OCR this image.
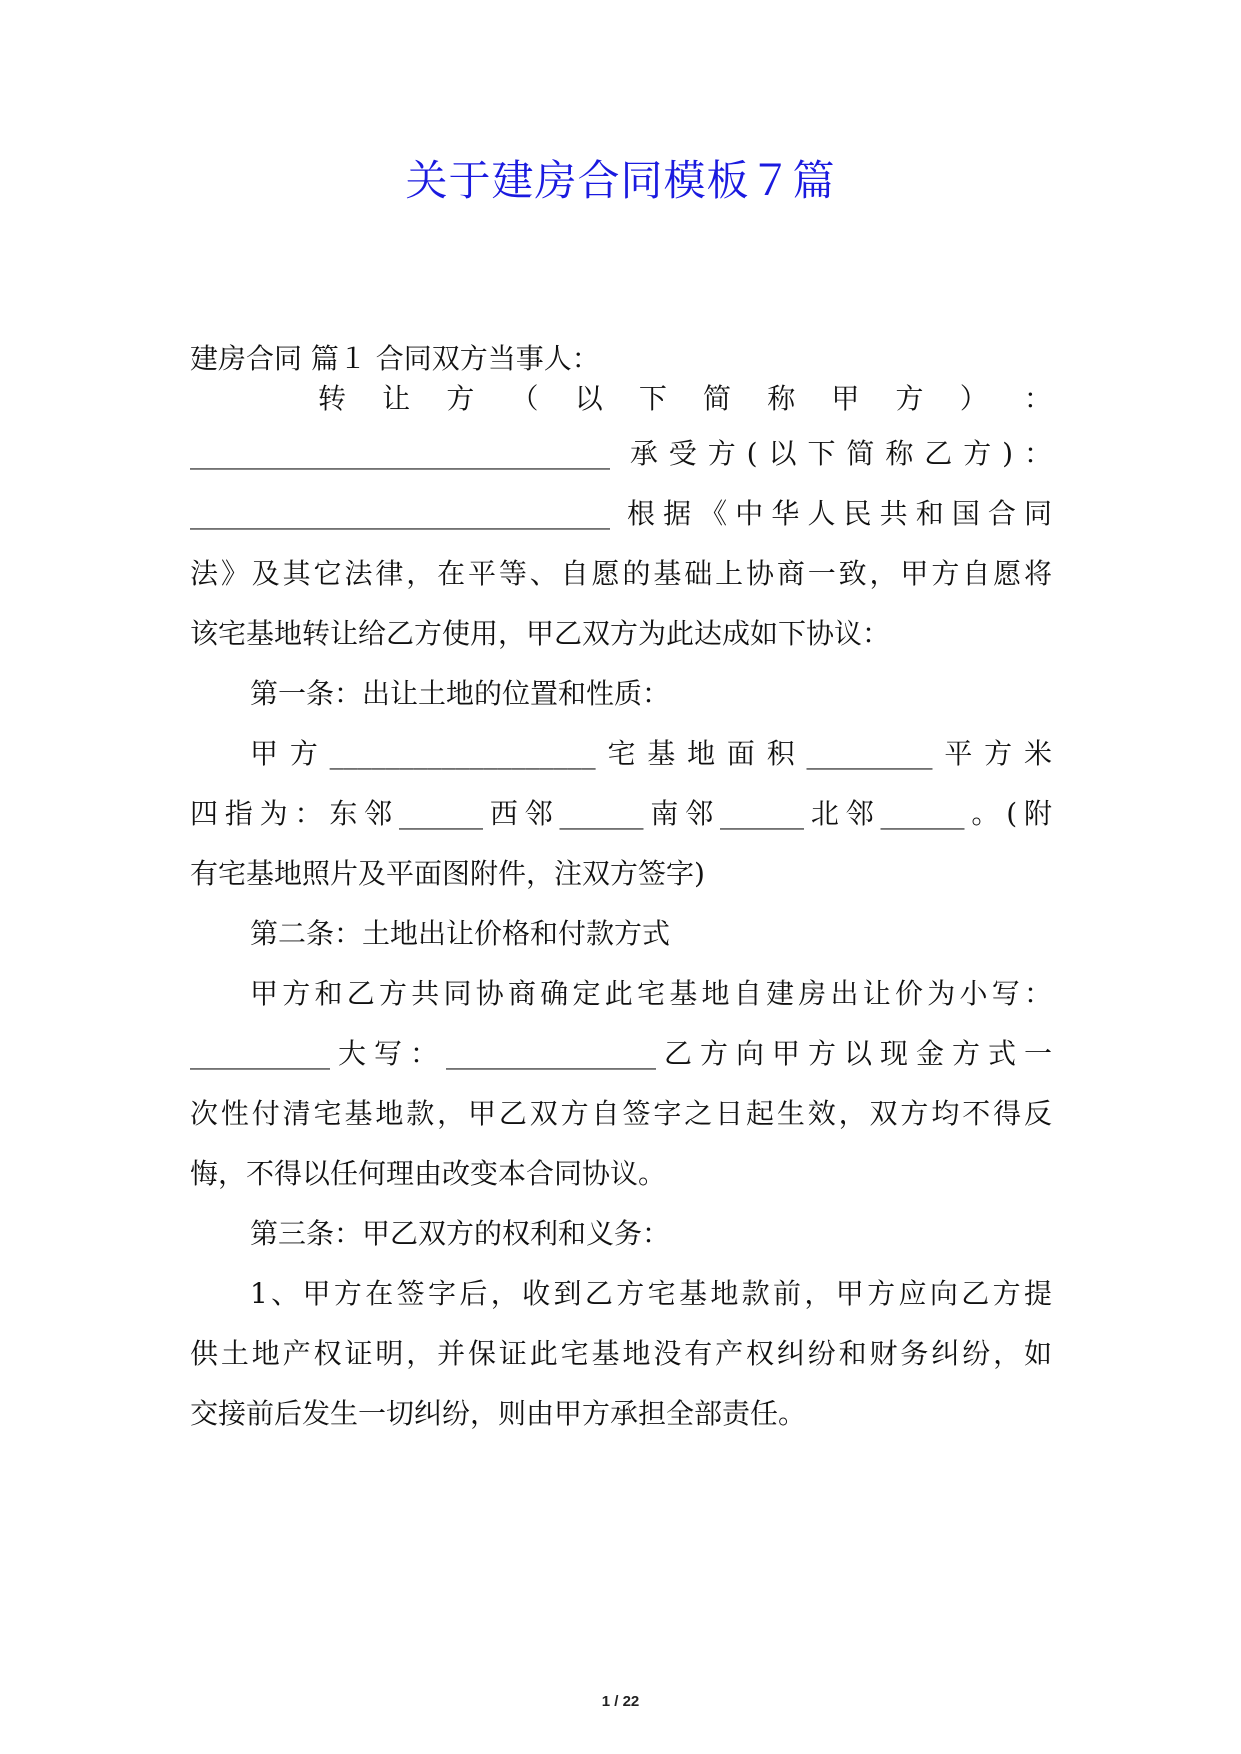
关于建房合同模板７篇
建房合同 篇１ 合同双方当事人：
转 让 方 （ 以 下 简 称 甲 方 ） ：
______________________________ 承受方(以下简称乙方)：
______________________________ 根据《中华人民共和国合同
法》及其它法律，在平等、自愿的基础上协商一致，甲方自愿将
该宅基地转让给乙方使用，甲乙双方为此达成如下协议：
第一条：出让土地的位置和性质：
甲方___________________宅基地面积_________平方米
四指为：东邻______西邻______南邻______北邻______。(附
有宅基地照片及平面图附件，注双方签字)
第二条：土地出让价格和付款方式
甲方和乙方共同协商确定此宅基地自建房出让价为小写：
__________大写：_______________乙方向甲方以现金方式一
次性付清宅基地款，甲乙双方自签字之日起生效，双方均不得反
悔，不得以任何理由改变本合同协议。
第三条：甲乙双方的权利和义务：
1、甲方在签字后，收到乙方宅基地款前，甲方应向乙方提
供土地产权证明，并保证此宅基地没有产权纠纷和财务纠纷，如
交接前后发生一切纠纷，则由甲方承担全部责任。
1 / 22
